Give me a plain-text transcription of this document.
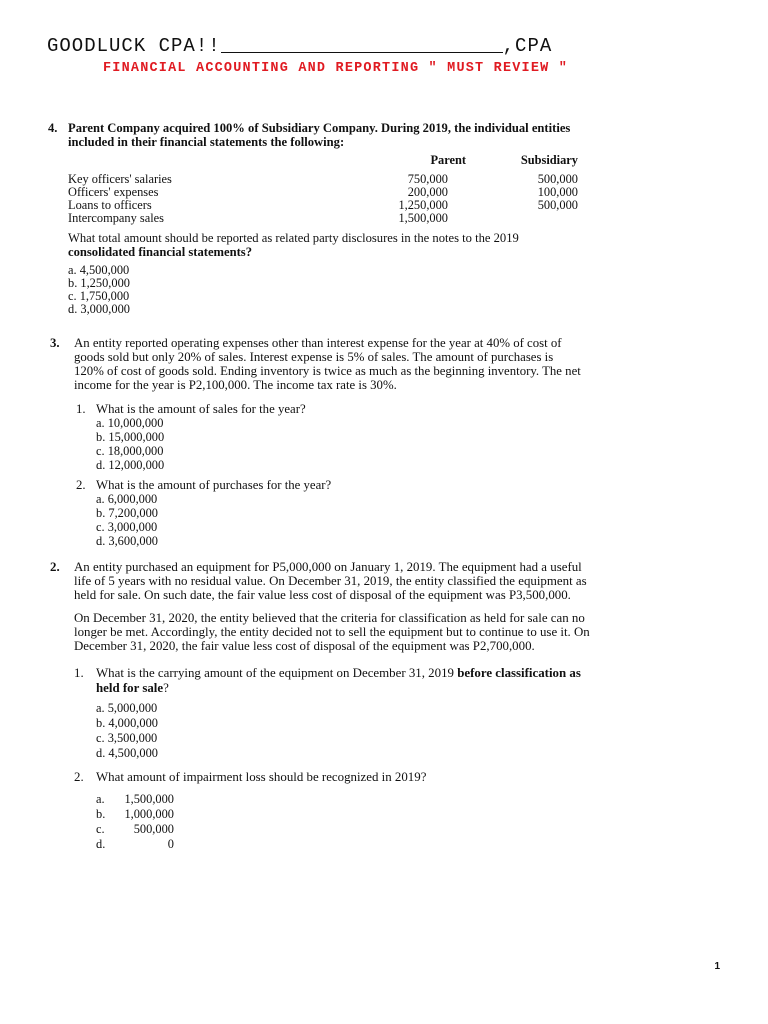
GOODLUCK CPA!!	,CPA
FINANCIAL ACCOUNTING AND REPORTING " MUST REVIEW "
4. Parent Company acquired 100% of Subsidiary Company. During 2019, the individual entities
included in their financial statements the following:
	Parent	Subsidiary

Key officers' salaries	750,000	500,000
Officers' expenses	200,000	100,000
Loans to officers	1,250,000	500,000
Intercompany sales	1,500,000	
What total amount should be reported as related party disclosures in the notes to the 2019
consolidated financial statements?
a. 4,500,000
b. 1,250,000
c. 1,750,000
d. 3,000,000
3. An entity reported operating expenses other than interest expense for the year at 40% of cost of
goods sold but only 20% of sales. Interest expense is 5% of sales. The amount of purchases is
120% of cost of goods sold. Ending inventory is twice as much as the beginning inventory. The net
income for the year is P2,100,000. The income tax rate is 30%.
1. What is the amount of sales for the year?
a. 10,000,000
b. 15,000,000
c. 18,000,000
d. 12,000,000
2. What is the amount of purchases for the year?
a. 6,000,000
b. 7,200,000
c. 3,000,000
d. 3,600,000
2. An entity purchased an equipment for P5,000,000 on January 1, 2019. The equipment had a useful
life of 5 years with no residual value. On December 31, 2019, the entity classified the equipment as
held for sale. On such date, the fair value less cost of disposal of the equipment was P3,500,000.
On December 31, 2020, the entity believed that the criteria for classification as held for sale can no
longer be met. Accordingly, the entity decided not to sell the equipment but to continue to use it. On
December 31, 2020, the fair value less cost of disposal of the equipment was P2,700,000.
1. What is the carrying amount of the equipment on December 31, 2019 before classification as
held for sale?
a. 5,000,000
b. 4,000,000
c. 3,500,000
d. 4,500,000
2. What amount of impairment loss should be recognized in 2019?
a.	1,500,000
b.	1,000,000
c.	500,000
d.	0
1
